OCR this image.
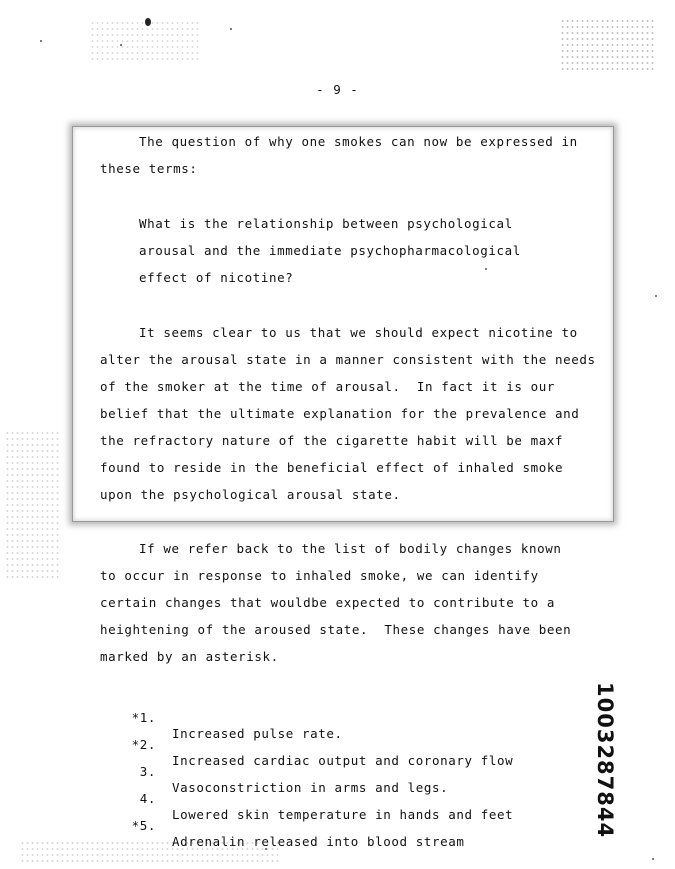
- 9 -
The question of why one smokes can now be expressed in
these terms:
What is the relationship between psychological
arousal and the immediate psychopharmacological
effect of nicotine?
It seems clear to us that we should expect nicotine to
alter the arousal state in a manner consistent with the needs
of the smoker at the time of arousal.  In fact it is our
belief that the ultimate explanation for the prevalence and
the refractory nature of the cigarette habit will be maxf
found to reside in the beneficial effect of inhaled smoke
upon the psychological arousal state.
If we refer back to the list of bodily changes known
to occur in response to inhaled smoke, we can identify
certain changes that wouldbe expected to contribute to a
heightening of the aroused state.  These changes have been
marked by an asterisk.

*1.

Increased pulse rate.

*2.

Increased cardiac output and coronary flow

3.

Vasoconstriction in arms and legs.

4.

Lowered skin temperature in hands and feet

*5.

Adrenalin released into blood stream

1003287844
